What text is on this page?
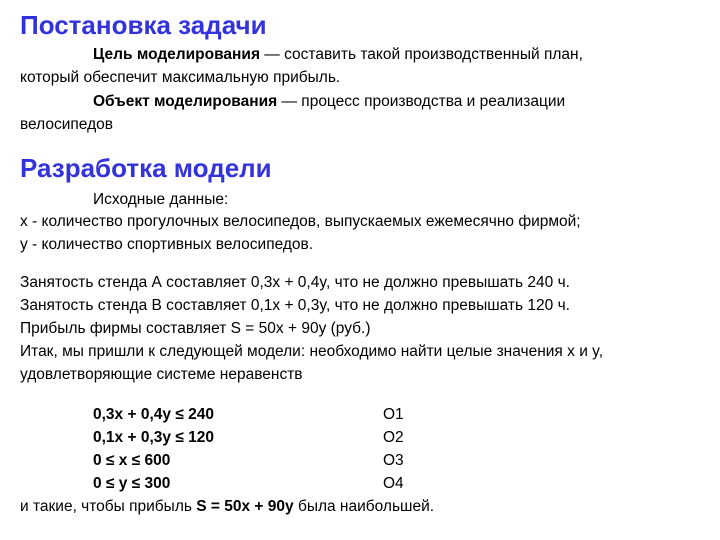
Постановка задачи
Цель моделирования — составить такой производственный план,
который обеспечит максимальную прибыль.
Объект моделирования — процесс производства и реализации
велосипедов
Разработка модели
Исходные данные:
x - количество прогулочных велосипедов, выпускаемых ежемесячно фирмой;
y - количество спортивных велосипедов.
Занятость стенда А составляет 0,3x + 0,4y, что не должно превышать 240 ч.
Занятость стенда В составляет 0,1x + 0,3y, что не должно превышать 120 ч.
Прибыль фирмы составляет S = 50x + 90y (руб.)
Итак, мы пришли к следующей модели: необходимо найти целые значения x и y,
удовлетворяющие системе неравенств
0,3x + 0,4y ≤ 240	O1
0,1x + 0,3y ≤ 120	O2
0 ≤ x ≤ 600	O3
0 ≤ y ≤ 300	O4
и такие, чтобы прибыль S = 50x + 90y была наибольшей.
